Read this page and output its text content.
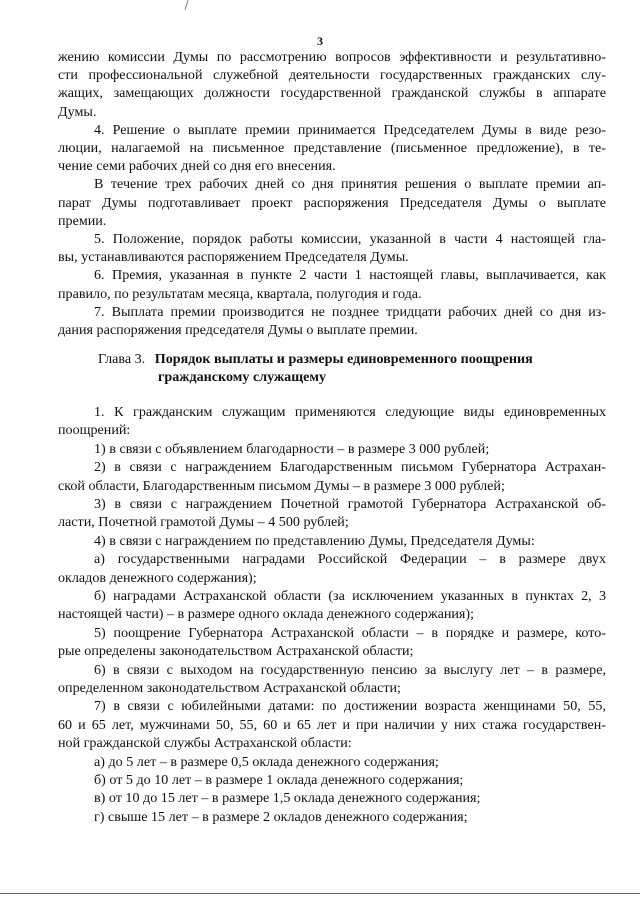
3
жению комиссии Думы по рассмотрению вопросов эффективности и результативно-
сти профессиональной служебной деятельности государственных гражданских слу-
жащих, замещающих должности государственной гражданской службы в аппарате
Думы.
4. Решение о выплате премии принимается Председателем Думы в виде резо-
люции, налагаемой на письменное представление (письменное предложение), в те-
чение семи рабочих дней со дня его внесения.
В течение трех рабочих дней со дня принятия решения о выплате премии ап-
парат Думы подготавливает проект распоряжения Председателя Думы о выплате
премии.
5. Положение, порядок работы комиссии, указанной в части 4 настоящей гла-
вы, устанавливаются распоряжением Председателя Думы.
6. Премия, указанная в пункте 2 части 1 настоящей главы, выплачивается, как
правило, по результатам месяца, квартала, полугодия и года.
7. Выплата премии производится не позднее тридцати рабочих дней со дня из-
дания распоряжения председателя Думы о выплате премии.
Глава 3. Порядок выплаты и размеры единовременного поощрения
гражданскому служащему
1. К гражданским служащим применяются следующие виды единовременных
поощрений:
1) в связи с объявлением благодарности – в размере 3 000 рублей;
2) в связи с награждением Благодарственным письмом Губернатора Астрахан-
ской области, Благодарственным письмом Думы – в размере 3 000 рублей;
3) в связи с награждением Почетной грамотой Губернатора Астраханской об-
ласти, Почетной грамотой Думы – 4 500 рублей;
4) в связи с награждением по представлению Думы, Председателя Думы:
а) государственными наградами Российской Федерации – в размере двух
окладов денежного содержания);
б) наградами Астраханской области (за исключением указанных в пунктах 2, 3
настоящей части) – в размере одного оклада денежного содержания);
5) поощрение Губернатора Астраханской области – в порядке и размере, кото-
рые определены законодательством Астраханской области;
6) в связи с выходом на государственную пенсию за выслугу лет – в размере,
определенном законодательством Астраханской области;
7) в связи с юбилейными датами: по достижении возраста женщинами 50, 55,
60 и 65 лет, мужчинами 50, 55, 60 и 65 лет и при наличии у них стажа государствен-
ной гражданской службы Астраханской области:
а) до 5 лет – в размере 0,5 оклада денежного содержания;
б) от 5 до 10 лет – в размере 1 оклада денежного содержания;
в) от 10 до 15 лет – в размере 1,5 оклада денежного содержания;
г) свыше 15 лет – в размере 2 окладов денежного содержания;
